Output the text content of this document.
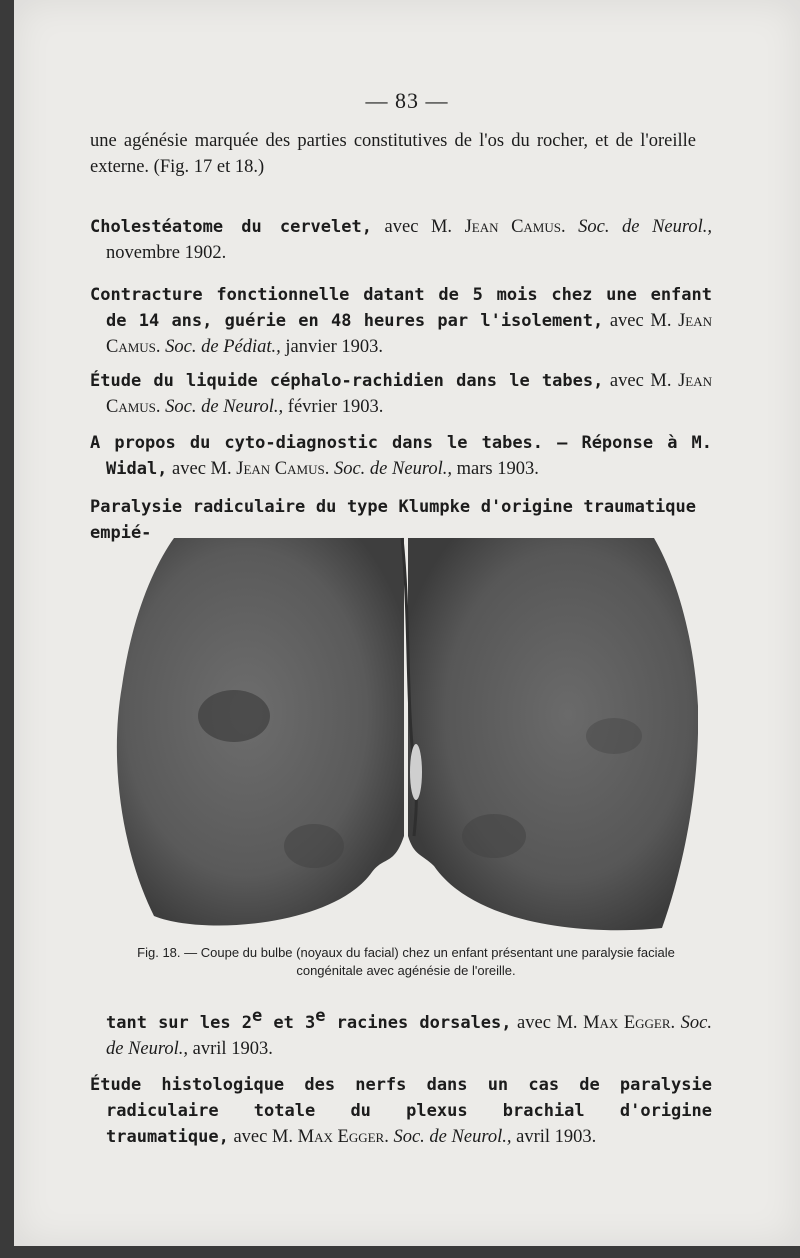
— 83 —
une agénésie marquée des parties constitutives de l'os du rocher, et de l'oreille externe. (Fig. 17 et 18.)
Cholestéatome du cervelet, avec M. Jean Camus. Soc. de Neurol., novembre 1902.
Contracture fonctionnelle datant de 5 mois chez une enfant de 14 ans, guérie en 48 heures par l'isolement, avec M. Jean Camus. Soc. de Pédiat., janvier 1903.
Étude du liquide céphalo-rachidien dans le tabes, avec M. Jean Camus. Soc. de Neurol., février 1903.
A propos du cyto-diagnostic dans le tabes. — Réponse à M. Widal, avec M. Jean Camus. Soc. de Neurol., mars 1903.
Paralysie radiculaire du type Klumpke d'origine traumatique empié-
Fig. 18. — Coupe du bulbe (noyaux du facial) chez un enfant présentant une paralysie faciale congénitale avec agénésie de l'oreille.
tant sur les 2e et 3e racines dorsales, avec M. Max Egger. Soc. de Neurol., avril 1903.
Étude histologique des nerfs dans un cas de paralysie radiculaire totale du plexus brachial d'origine traumatique, avec M. Max Egger. Soc. de Neurol., avril 1903.
